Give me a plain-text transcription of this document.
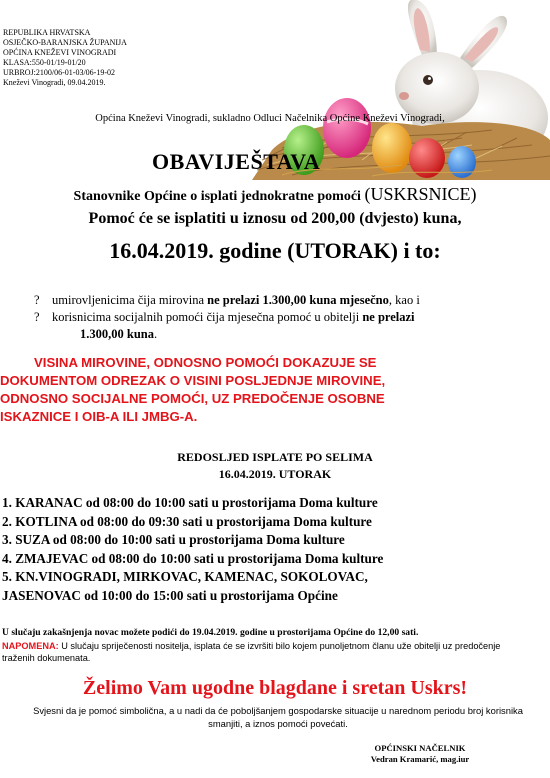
REPUBLIKA HRVATSKA
OSJEČKO-BARANJSKA ŽUPANIJA
OPĆINA KNEŽEVI VINOGRADI
KLASA:550-01/19-01/20
URBROJ:2100/06-01-03/06-19-02
Kneževi Vinogradi, 09.04.2019.
Općina Kneževi Vinogradi, sukladno Odluci Načelnika Općine Kneževi Vinogradi,
OBAVIJEŠTAVA
Stanovnike Općine o isplati jednokratne pomoći (USKRSNICE)
Pomoć će se isplatiti u iznosu od 200,00 (dvjesto) kuna,
16.04.2019. godine (UTORAK) i to:
? umirovljenicima čija mirovina ne prelazi 1.300,00 kuna mjesečno, kao i
? korisnicima socijalnih pomoći čija mjesečna pomoć u obitelji ne prelazi
1.300,00 kuna.
VISINA MIROVINE, ODNOSNO POMOĆI DOKAZUJE SE
DOKUMENTOM ODREZAK O VISINI POSLJEDNJE MIROVINE,
ODNOSNO SOCIJALNE POMOĆI, UZ PREDOČENJE OSOBNE
ISKAZNICE I OIB-A ILI JMBG-A.
REDOSLJED ISPLATE PO SELIMA
16.04.2019. UTORAK
1. KARANAC od 08:00 do 10:00 sati u prostorijama Doma kulture
2. KOTLINA od 08:00 do 09:30 sati u prostorijama Doma kulture
3. SUZA od 08:00 do 10:00 sati u prostorijama Doma kulture
4. ZMAJEVAC od 08:00 do 10:00 sati u prostorijama Doma kulture
5. KN.VINOGRADI, MIRKOVAC, KAMENAC, SOKOLOVAC,
JASENOVAC od 10:00 do 15:00 sati u prostorijama Općine
U slučaju zakašnjenja novac možete podići do 19.04.2019. godine u prostorijama Općine do 12,00 sati.
NAPOMENA: U slučaju spriječenosti nositelja, isplata će se izvršiti bilo kojem punoljetnom članu uže obitelji uz predočenje traženih dokumenata.
Želimo Vam ugodne blagdane i sretan Uskrs!
Svjesni da je pomoć simbolična, a u nadi da će poboljšanjem gospodarske situacije u narednom periodu broj korisnika smanjiti, a iznos pomoći povećati.
OPĆINSKI NAČELNIK
Vedran Kramarić, mag.iur
